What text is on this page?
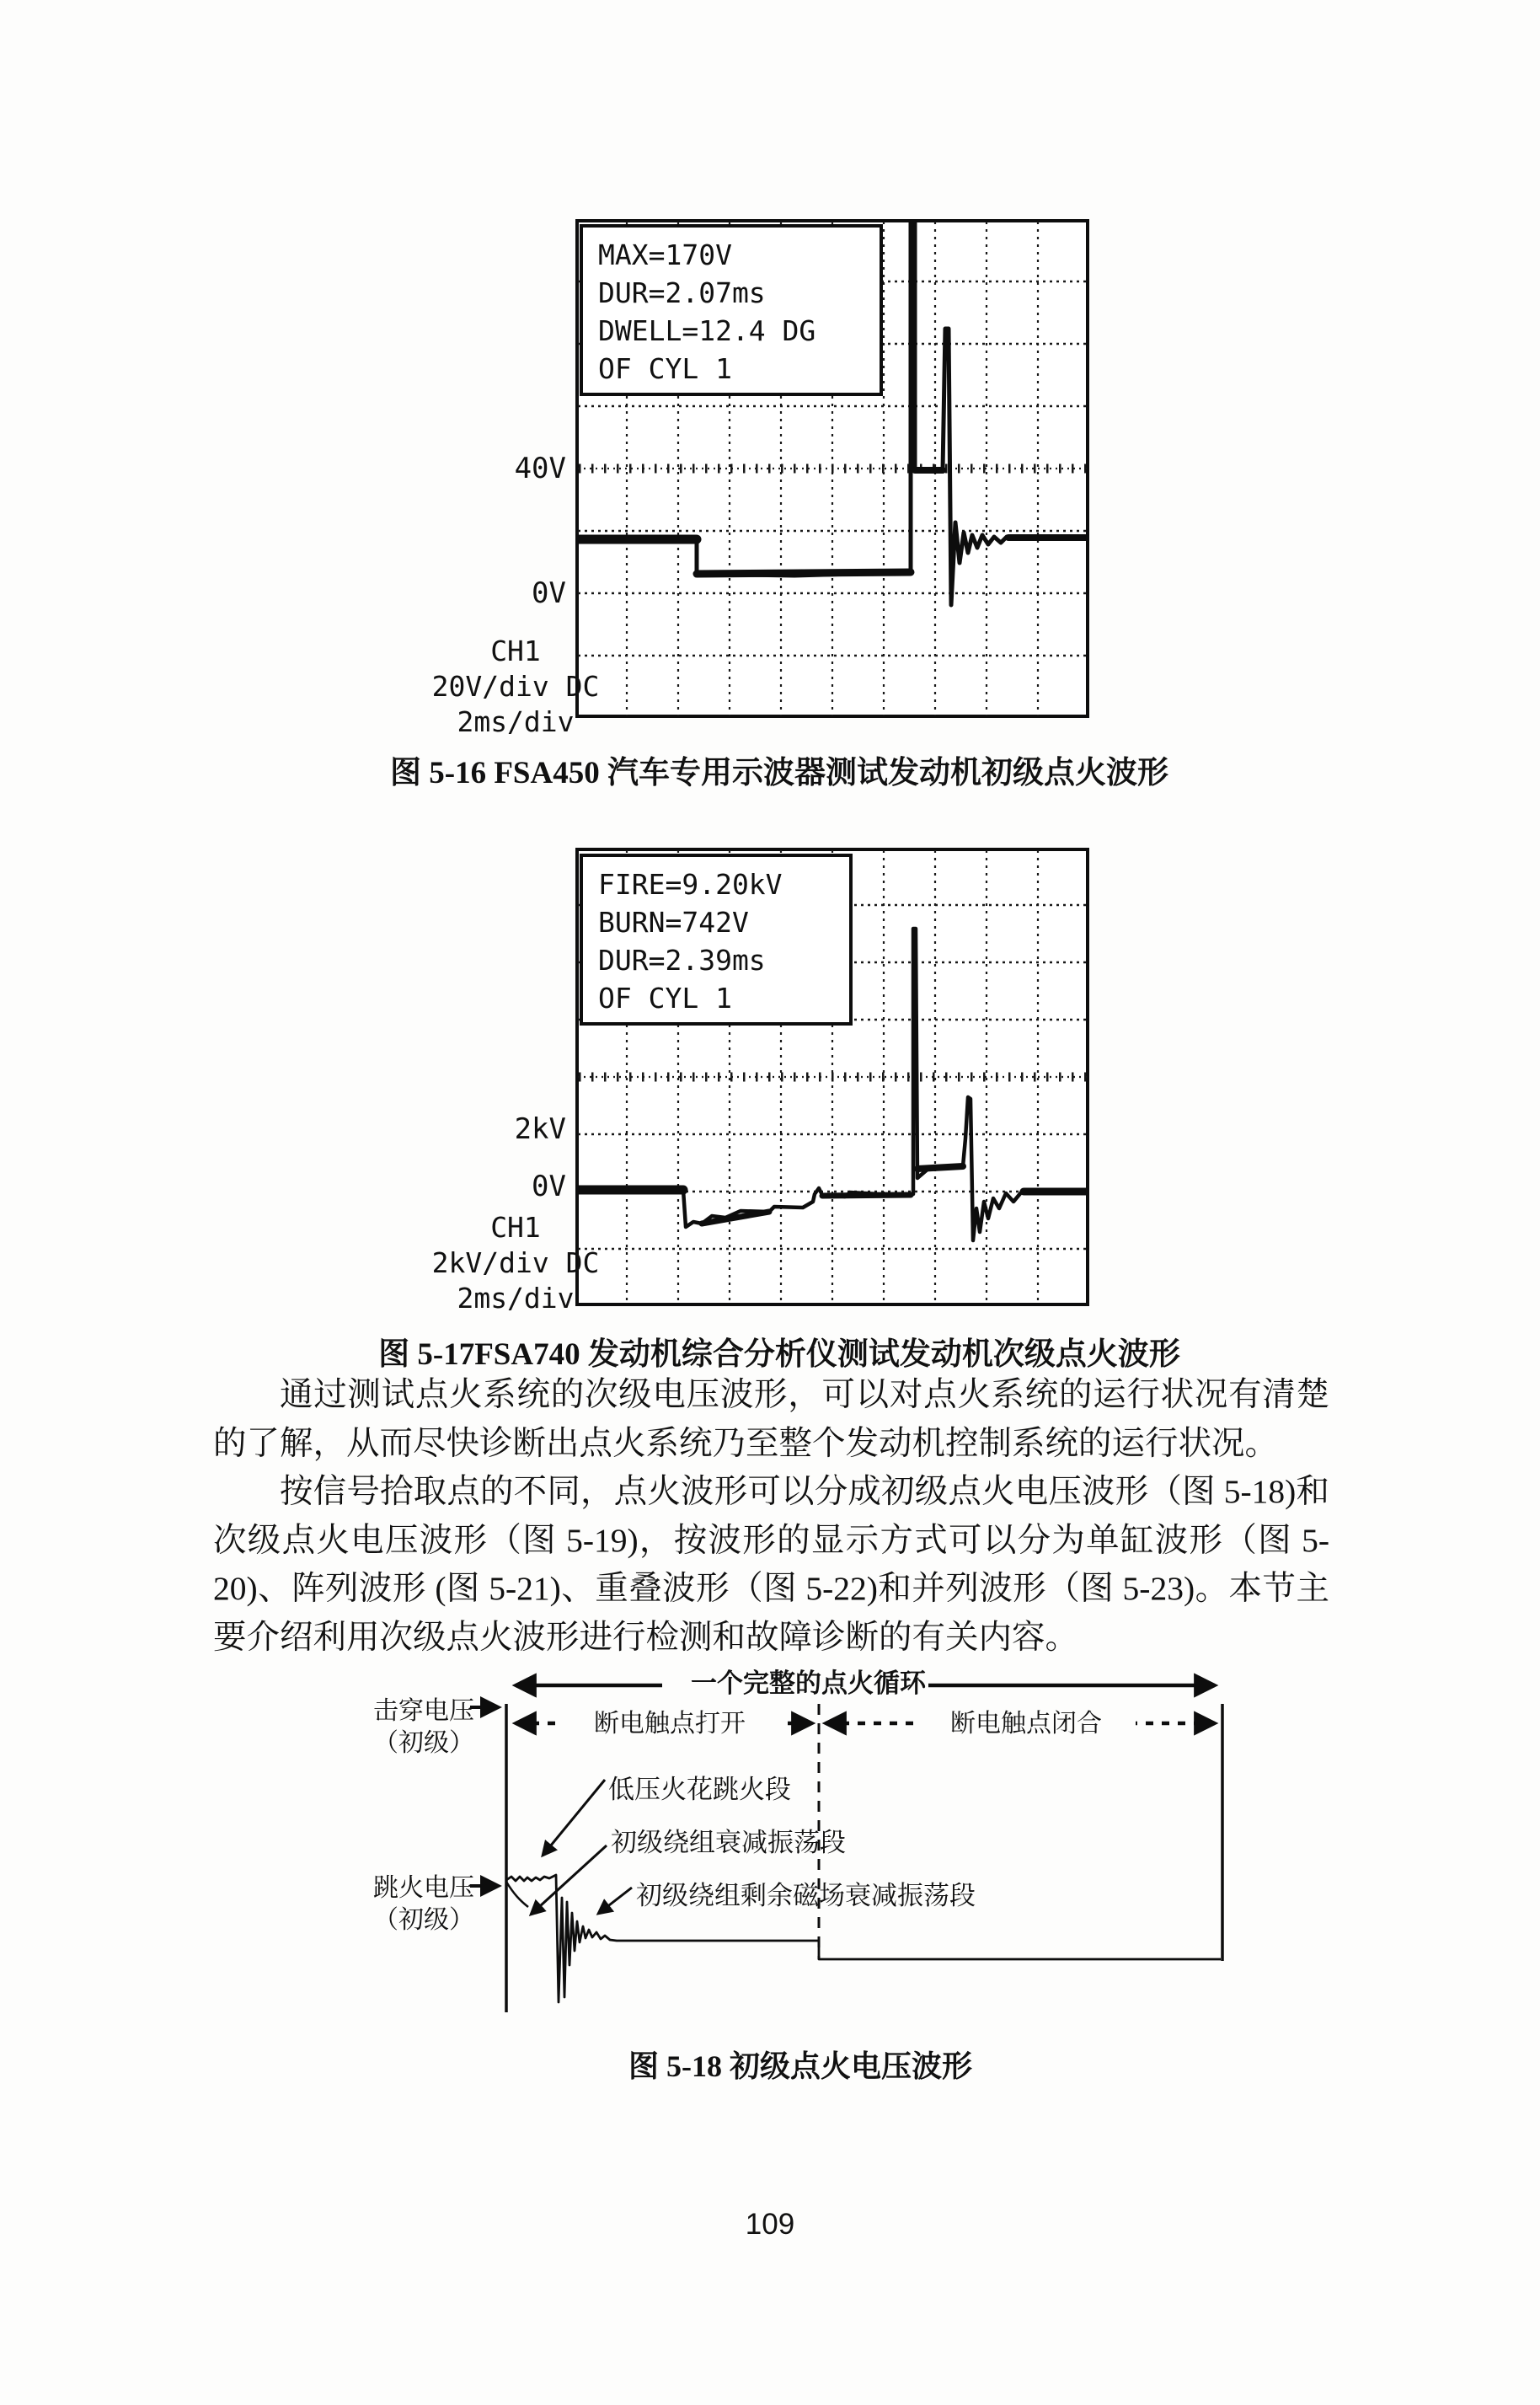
MAX=170V
DUR=2.07ms
DWELL=12.4 DG
OF CYL 1
40V
0V
CH1
20V/div DC
2ms/div
图 5-16 FSA450 汽车专用示波器测试发动机初级点火波形
FIRE=9.20kV
BURN=742V
DUR=2.39ms
OF CYL 1
2kV
0V
CH1
2kV/div DC
2ms/div
图 5-17FSA740 发动机综合分析仪测试发动机次级点火波形

通过测试点火系统的次级电压波形，可以对点火系统的运行状况有清楚的了解，从而尽快诊断出点火系统乃至整个发动机控制系统的运行状况。

按信号拾取点的不同，点火波形可以分成初级点火电压波形（图 5-18)和次级点火电压波形（图 5-19)，按波形的显示方式可以分为单缸波形（图 5-20)、阵列波形 (图 5-21)、重叠波形（图 5-22)和并列波形（图 5-23)。本节主要介绍利用次级点火波形进行检测和故障诊断的有关内容。

一个完整的点火循环
断电触点打开	断电触点闭合
击穿电压
（初级）
跳火电压
（初级）
低压火花跳火段
初级绕组衰减振荡段
初级绕组剩余磁场衰减振荡段
图 5-18 初级点火电压波形
109
